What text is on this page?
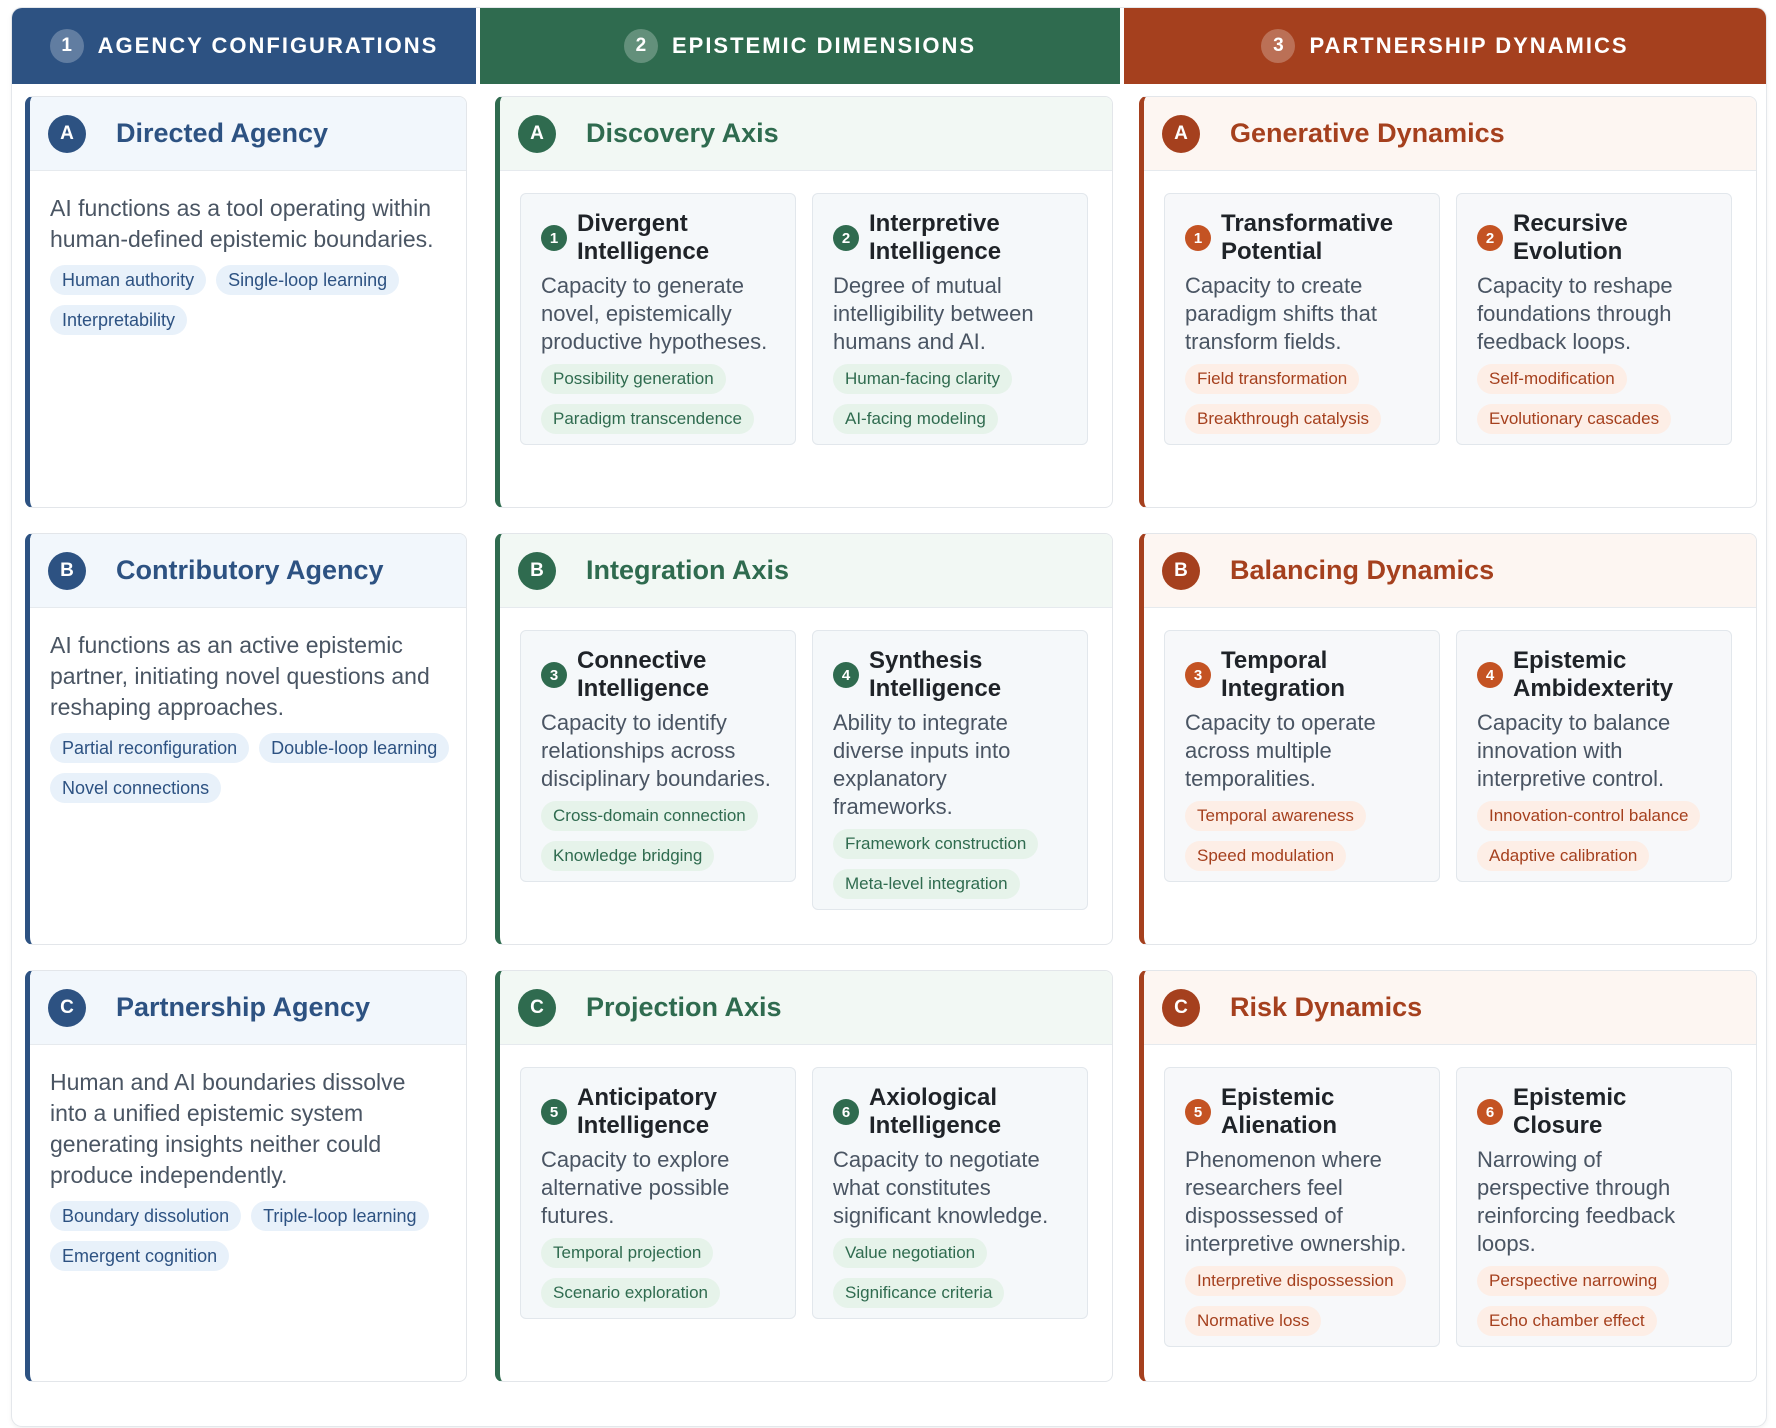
1	AGENCY CONFIGURATIONS	2	EPISTEMIC DIMENSIONS	3	PARTNERSHIP DYNAMICS
A	Directed Agency
AI functions as a tool operating within human-defined epistemic boundaries.
Human authority	Single-loop learning
Interpretability
B	Contributory Agency
AI functions as an active epistemic partner, initiating novel questions and reshaping approaches.
Partial reconfiguration	Double-loop learning
Novel connections
C	Partnership Agency
Human and AI boundaries dissolve into a unified epistemic system generating insights neither could produce independently.
Boundary dissolution	Triple-loop learning
Emergent cognition
A	Discovery Axis
1
Divergent Intelligence
Capacity to generate novel, epistemically productive hypotheses.
Possibility generation
Paradigm transcendence
2
Interpretive Intelligence
Degree of mutual intelligibility between humans and AI.
Human-facing clarity
AI-facing modeling
B	Integration Axis
3
Connective Intelligence
Capacity to identify relationships across disciplinary boundaries.
Cross-domain connection
Knowledge bridging
4
Synthesis Intelligence
Ability to integrate diverse inputs into explanatory frameworks.
Framework construction
Meta-level integration
C	Projection Axis
5
Anticipatory Intelligence
Capacity to explore alternative possible futures.
Temporal projection
Scenario exploration
6
Axiological Intelligence
Capacity to negotiate what constitutes significant knowledge.
Value negotiation
Significance criteria
A	Generative Dynamics
1
Transformative Potential
Capacity to create paradigm shifts that transform fields.
Field transformation
Breakthrough catalysis
2
Recursive Evolution
Capacity to reshape foundations through feedback loops.
Self-modification
Evolutionary cascades
B	Balancing Dynamics
3
Temporal Integration
Capacity to operate across multiple temporalities.
Temporal awareness
Speed modulation
4
Epistemic Ambidexterity
Capacity to balance innovation with interpretive control.
Innovation-control balance
Adaptive calibration
C	Risk Dynamics
5
Epistemic Alienation
Phenomenon where researchers feel dispossessed of interpretive ownership.
Interpretive dispossession
Normative loss
6
Epistemic Closure
Narrowing of perspective through reinforcing feedback loops.
Perspective narrowing
Echo chamber effect
